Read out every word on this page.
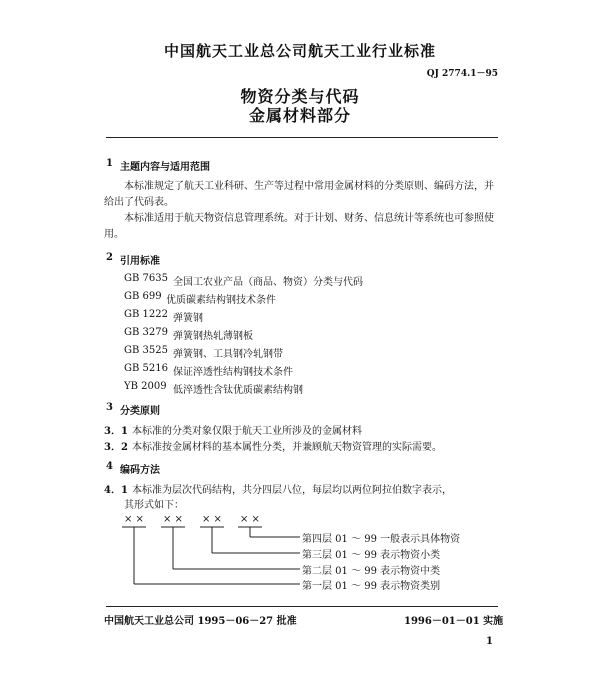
中国航天工业总公司航天工业行业标准
QJ 2774.1－95
物资分类与代码
金属材料部分
1 主题内容与适用范围
本标准规定了航天工业科研、生产等过程中常用金属材料的分类原则、编码方法，并给出了代码表。
本标准适用于航天物资信息管理系统。对于计划、财务、信息统计等系统也可参照使用。
2 引用标准
GB 7635 全国工农业产品（商品、物资）分类与代码
GB 699 优质碳素结构钢技术条件
GB 1222 弹簧钢
GB 3279 弹簧钢热轧薄钢板
GB 3525 弹簧钢、工具钢冷轧钢带
GB 5216 保证淬透性结构钢技术条件
YB 2009 低淬透性含钛优质碳素结构钢
3 分类原则
3．1 本标准的分类对象仅限于航天工业所涉及的金属材料
3．2 本标准按金属材料的基本属性分类，并兼顾航天物资管理的实际需要。
4 编码方法
4．1 本标准为层次代码结构，共分四层八位，每层均以两位阿拉伯数字表示，
其形式如下：
× × × × × × × ×
第四层 01 ～ 99 一般表示具体物资
第三层 01 ～ 99 表示物资小类
第二层 01 ～ 99 表示物资中类
第一层 01 ～ 99 表示物资类别
中国航天工业总公司 1995－06－27 批准	1996－01－01 实施
1
